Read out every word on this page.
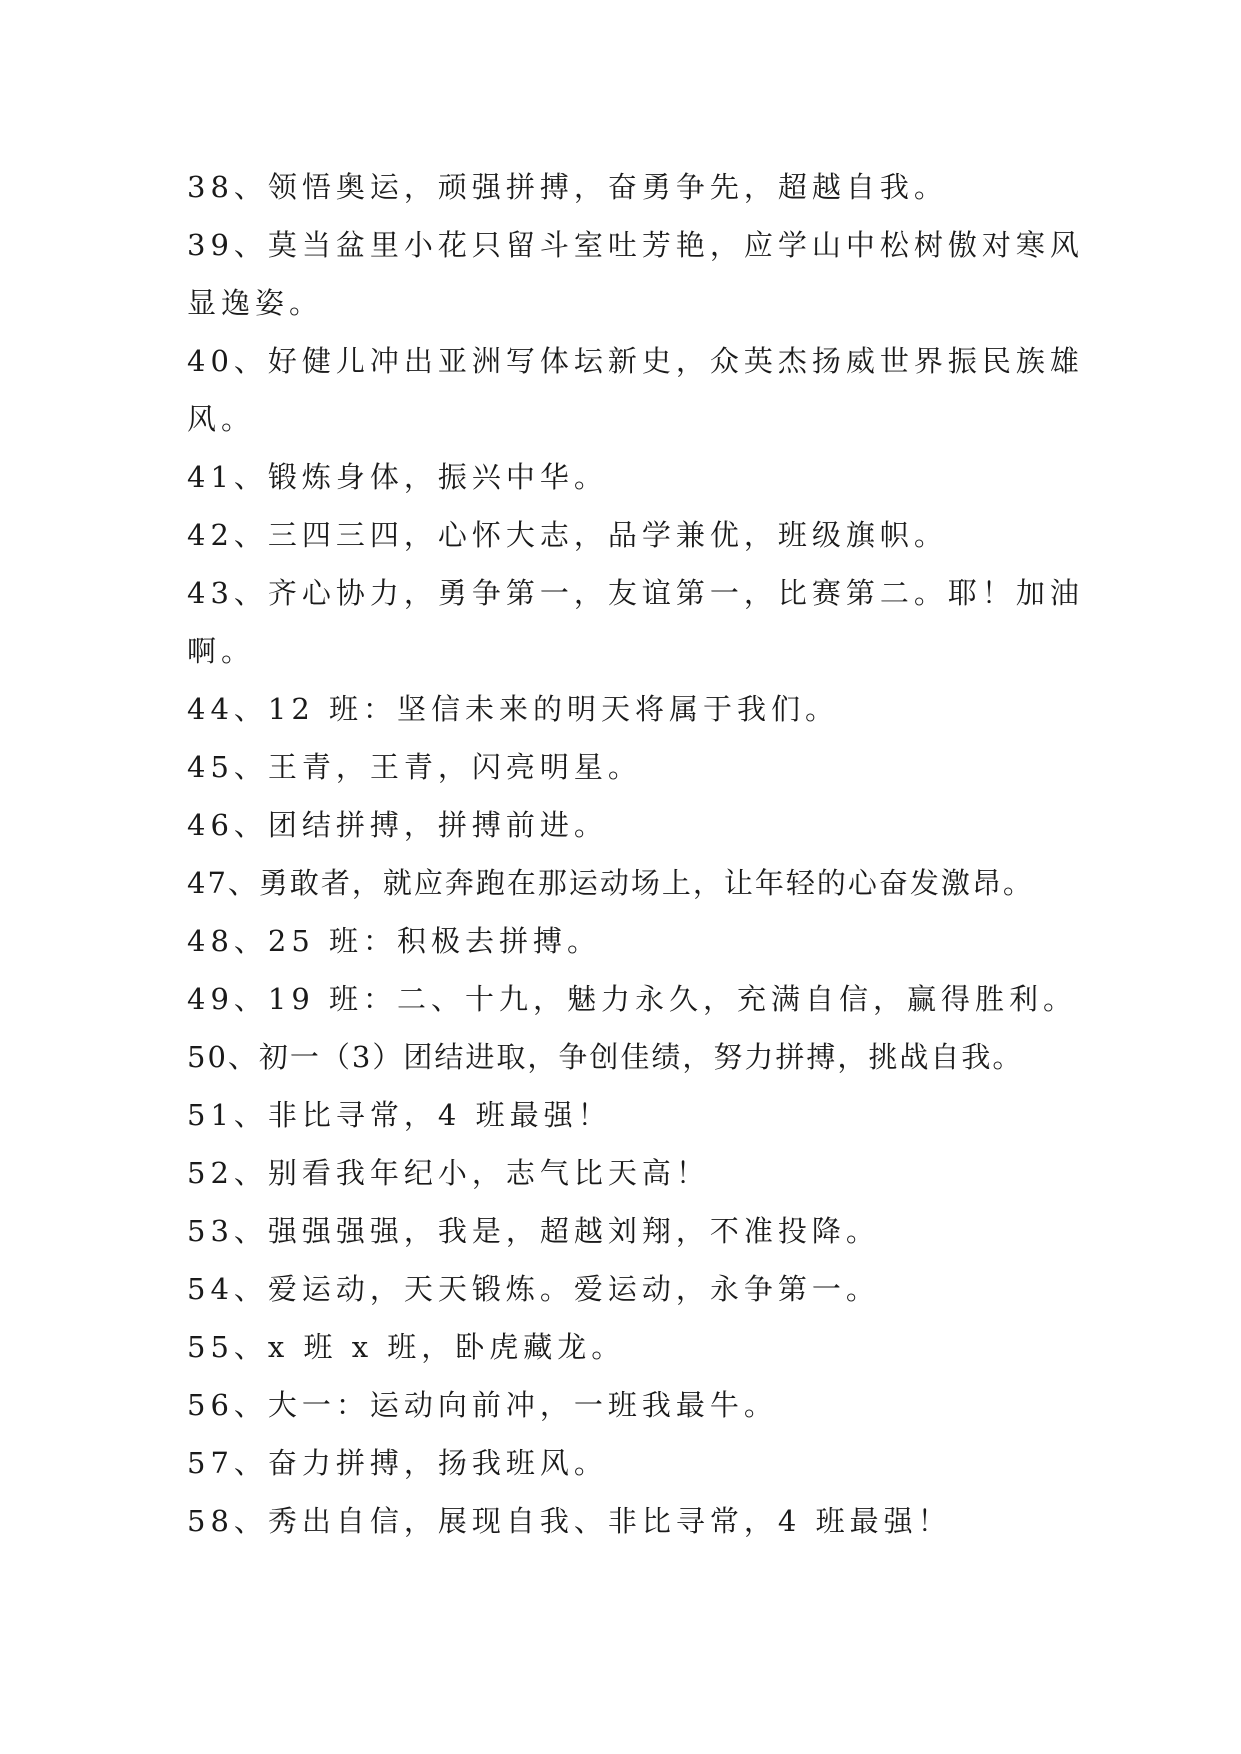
38、领悟奥运，顽强拼搏，奋勇争先，超越自我。
39、莫当盆里小花只留斗室吐芳艳，应学山中松树傲对寒风
显逸姿。
40、好健儿冲出亚洲写体坛新史，众英杰扬威世界振民族雄
风。
41、锻炼身体，振兴中华。
42、三四三四，心怀大志，品学兼优，班级旗帜。
43、齐心协力，勇争第一，友谊第一，比赛第二。耶！加油
啊。
44、12 班：坚信未来的明天将属于我们。
45、王青，王青，闪亮明星。
46、团结拼搏，拼搏前进。
47、勇敢者，就应奔跑在那运动场上，让年轻的心奋发激昂。
48、25 班：积极去拼搏。
49、19 班：二、十九，魅力永久，充满自信，赢得胜利。
50、初一（3）团结进取，争创佳绩，努力拼搏，挑战自我。
51、非比寻常，4 班最强！
52、别看我年纪小，志气比天高！
53、强强强强，我是，超越刘翔，不准投降。
54、爱运动，天天锻炼。爱运动，永争第一。
55、x 班 x 班，卧虎藏龙。
56、大一：运动向前冲，一班我最牛。
57、奋力拼搏，扬我班风。
58、秀出自信，展现自我、非比寻常，4 班最强！
